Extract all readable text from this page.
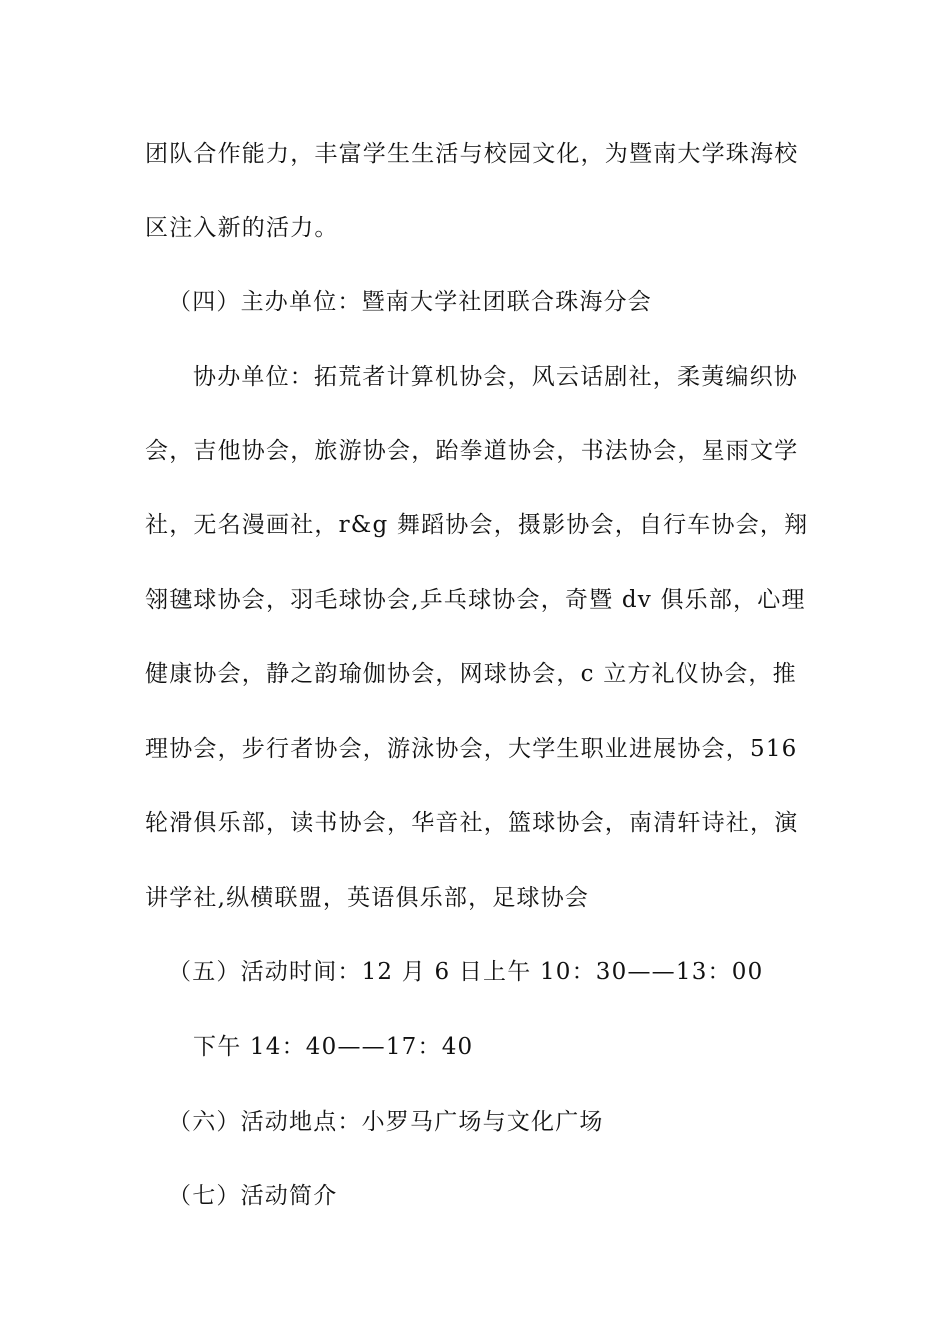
团队合作能力，丰富学生生活与校园文化，为暨南大学珠海校

区注入新的活力。

（四）主办单位：暨南大学社团联合珠海分会

协办单位：拓荒者计算机协会，风云话剧社，柔荑编织协

会，吉他协会，旅游协会，跆拳道协会，书法协会，星雨文学

社，无名漫画社，r&g 舞蹈协会，摄影协会，自行车协会，翔

翎毽球协会，羽毛球协会,乒乓球协会，奇暨 dv 俱乐部，心理

健康协会，静之韵瑜伽协会，网球协会，c 立方礼仪协会，推

理协会，步行者协会，游泳协会，大学生职业进展协会，516

轮滑俱乐部，读书协会，华音社，篮球协会，南清轩诗社，演

讲学社,纵横联盟，英语俱乐部，足球协会

（五）活动时间：12 月 6 日上午 10：30——13：00

下午 14：40——17：40

（六）活动地点：小罗马广场与文化广场

（七）活动简介
